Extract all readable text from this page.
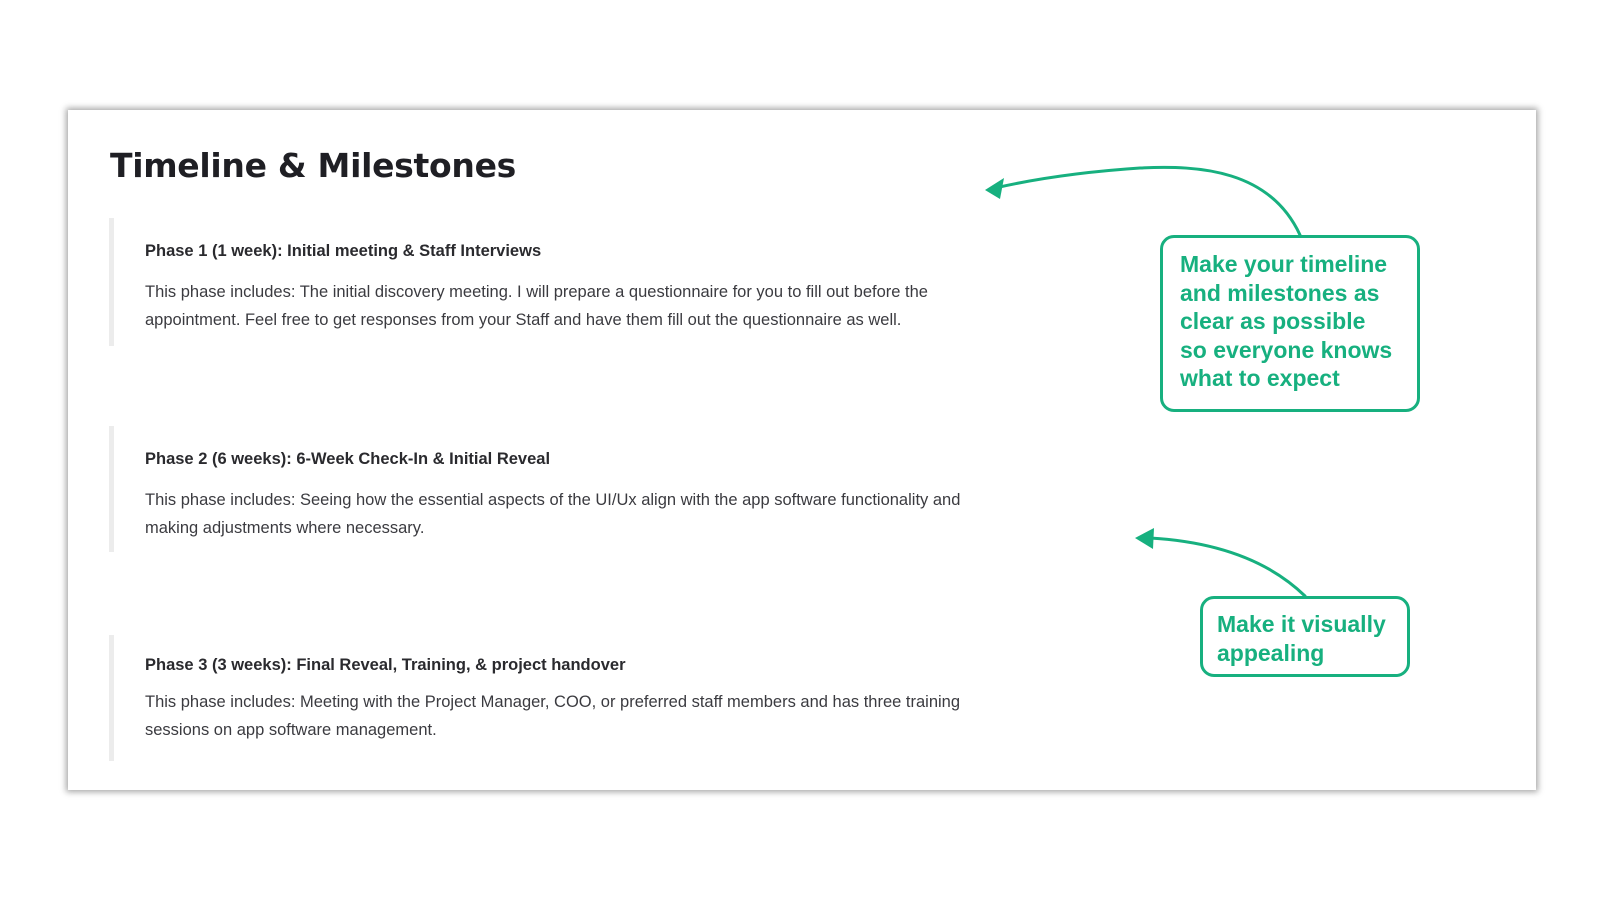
Timeline & Milestones

Phase 1 (1 week): Initial meeting & Staff Interviews

This phase includes: The initial discovery meeting. I will prepare a questionnaire for you to fill out before the
appointment. Feel free to get responses from your Staff and have them fill out the questionnaire as well.

Phase 2 (6 weeks): 6-Week Check-In & Initial Reveal

This phase includes: Seeing how the essential aspects of the UI/Ux align with the app software functionality and
making adjustments where necessary.

Phase 3 (3 weeks): Final Reveal, Training, & project handover

This phase includes: Meeting with the Project Manager, COO, or preferred staff members and has three training
sessions on app software management.

Make your timeline
and milestones as
clear as possible
so everyone knows
what to expect
Make it visually
appealing
